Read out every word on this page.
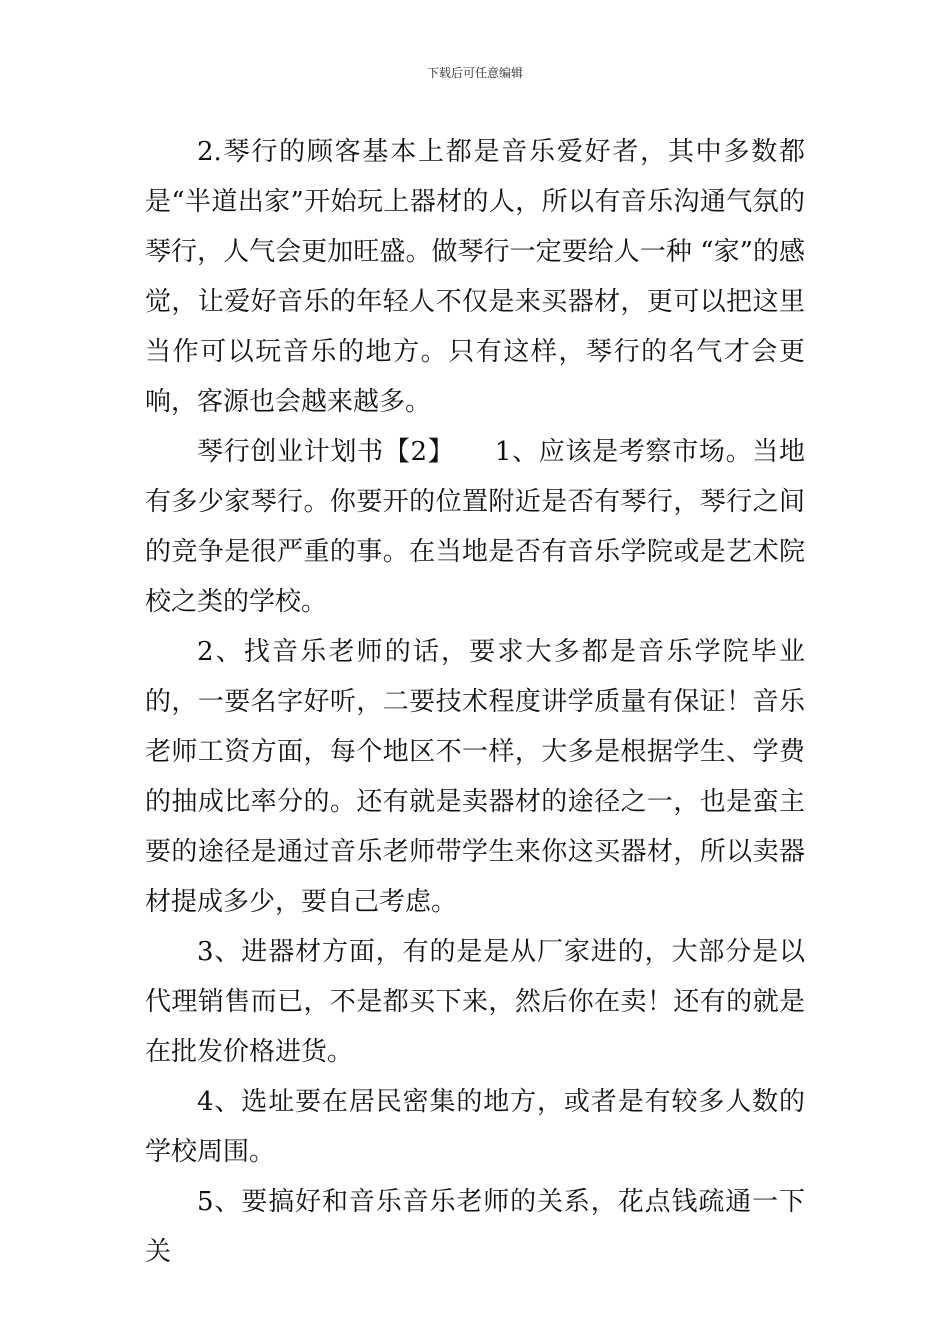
下载后可任意编辑

2.琴行的顾客基本上都是音乐爱好者，其中多数都是“半道出家”开始玩上器材的人，所以有音乐沟通气氛的琴行，人气会更加旺盛。做琴行一定要给人一种 “家”的感觉，让爱好音乐的年轻人不仅是来买器材，更可以把这里当作可以玩音乐的地方。只有这样，琴行的名气才会更响，客源也会越来越多。

琴行创业计划书【2】　　1、应该是考察市场。当地有多少家琴行。你要开的位置附近是否有琴行，琴行之间的竞争是很严重的事。在当地是否有音乐学院或是艺术院校之类的学校。

2、找音乐老师的话，要求大多都是音乐学院毕业的，一要名字好听，二要技术程度讲学质量有保证！音乐老师工资方面，每个地区不一样，大多是根据学生、学费的抽成比率分的。还有就是卖器材的途径之一，也是蛮主要的途径是通过音乐老师带学生来你这买器材，所以卖器材提成多少，要自己考虑。

3、进器材方面，有的是是从厂家进的，大部分是以代理销售而已，不是都买下来，然后你在卖！还有的就是在批发价格进货。

4、选址要在居民密集的地方，或者是有较多人数的学校周围。

5、要搞好和音乐音乐老师的关系，花点钱疏通一下关
